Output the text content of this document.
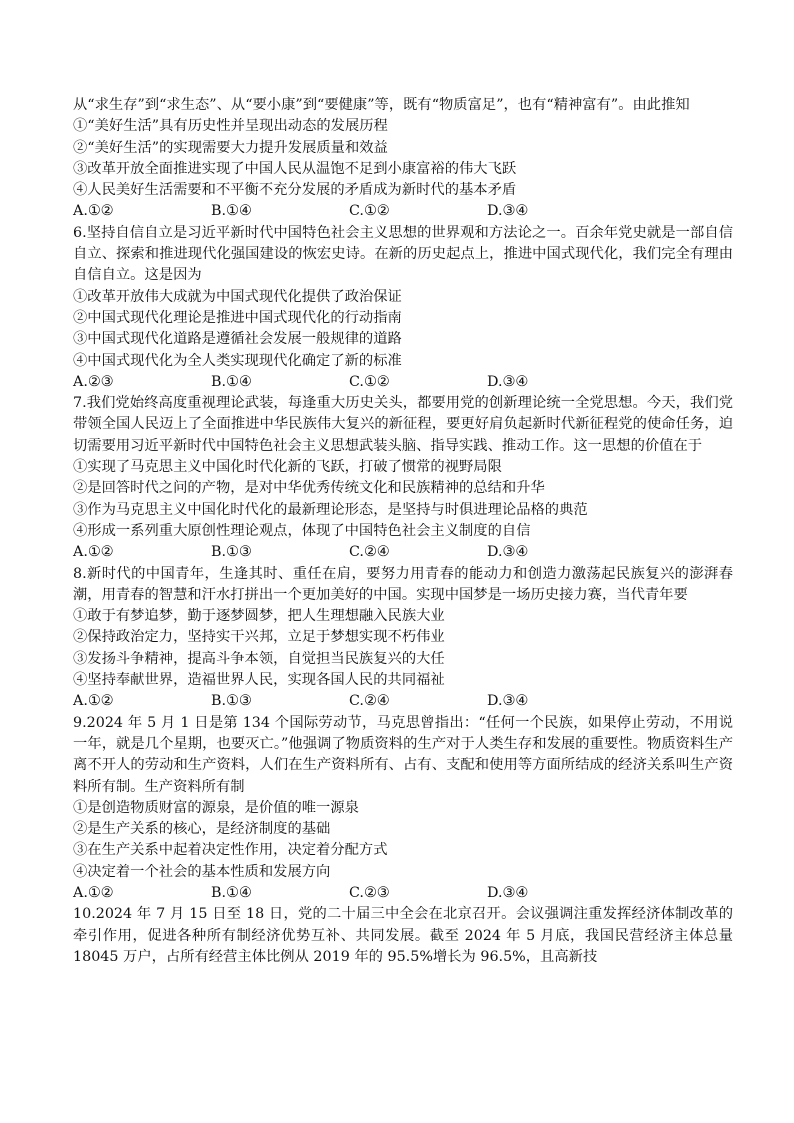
从“求生存”到“求生态”、从“要小康”到“要健康”等，既有“物质富足”，也有“精神富有”。由此推知

①“美好生活”具有历史性并呈现出动态的发展历程

②“美好生活”的实现需要大力提升发展质量和效益

③改革开放全面推进实现了中国人民从温饱不足到小康富裕的伟大飞跃

④人民美好生活需要和不平衡不充分发展的矛盾成为新时代的基本矛盾

A.①②	B.①④	C.①②	D.③④

6.坚持自信自立是习近平新时代中国特色社会主义思想的世界观和方法论之一。百余年党史就是一部自信自立、探索和推进现代化强国建设的恢宏史诗。在新的历史起点上，推进中国式现代化，我们完全有理由自信自立。这是因为

①改革开放伟大成就为中国式现代化提供了政治保证

②中国式现代化理论是推进中国式现代化的行动指南

③中国式现代化道路是遵循社会发展一般规律的道路

④中国式现代化为全人类实现现代化确定了新的标准

A.②③	B.①④	C.①②	D.③④

7.我们党始终高度重视理论武装，每逢重大历史关头，都要用党的创新理论统一全党思想。今天，我们党带领全国人民迈上了全面推进中华民族伟大复兴的新征程，要更好肩负起新时代新征程党的使命任务，迫切需要用习近平新时代中国特色社会主义思想武装头脑、指导实践、推动工作。这一思想的价值在于

①实现了马克思主义中国化时代化新的飞跃，打破了惯常的视野局限

②是回答时代之问的产物，是对中华优秀传统文化和民族精神的总结和升华

③作为马克思主义中国化时代化的最新理论形态，是坚持与时俱进理论品格的典范

④形成一系列重大原创性理论观点，体现了中国特色社会主义制度的自信

A.①②	B.①③	C.②④	D.③④

8.新时代的中国青年，生逢其时、重任在肩，要努力用青春的能动力和创造力激荡起民族复兴的澎湃春潮，用青春的智慧和汗水打拼出一个更加美好的中国。实现中国梦是一场历史接力赛，当代青年要

①敢于有梦追梦，勤于逐梦圆梦，把人生理想融入民族大业

②保持政治定力，坚持实干兴邦，立足于梦想实现不朽伟业

③发扬斗争精神，提高斗争本领，自觉担当民族复兴的大任

④坚持奉献世界，造福世界人民，实现各国人民的共同福祉

A.①②	B.①③	C.②④	D.③④

9.2024 年 5 月 1 日是第 134 个国际劳动节，马克思曾指出：“任何一个民族，如果停止劳动，不用说一年，就是几个星期，也要灭亡。”他强调了物质资料的生产对于人类生存和发展的重要性。物质资料生产离不开人的劳动和生产资料，人们在生产资料所有、占有、支配和使用等方面所结成的经济关系叫生产资料所有制。生产资料所有制

①是创造物质财富的源泉，是价值的唯一源泉

②是生产关系的核心，是经济制度的基础

③在生产关系中起着决定性作用，决定着分配方式

④决定着一个社会的基本性质和发展方向

A.①②	B.①④	C.②③	D.③④

10.2024 年 7 月 15 日至 18 日，党的二十届三中全会在北京召开。会议强调注重发挥经济体制改革的牵引作用，促进各种所有制经济优势互补、共同发展。截至 2024 年 5 月底，我国民营经济主体总量 18045 万户，占所有经营主体比例从 2019 年的 95.5%增长为 96.5%，且高新技
